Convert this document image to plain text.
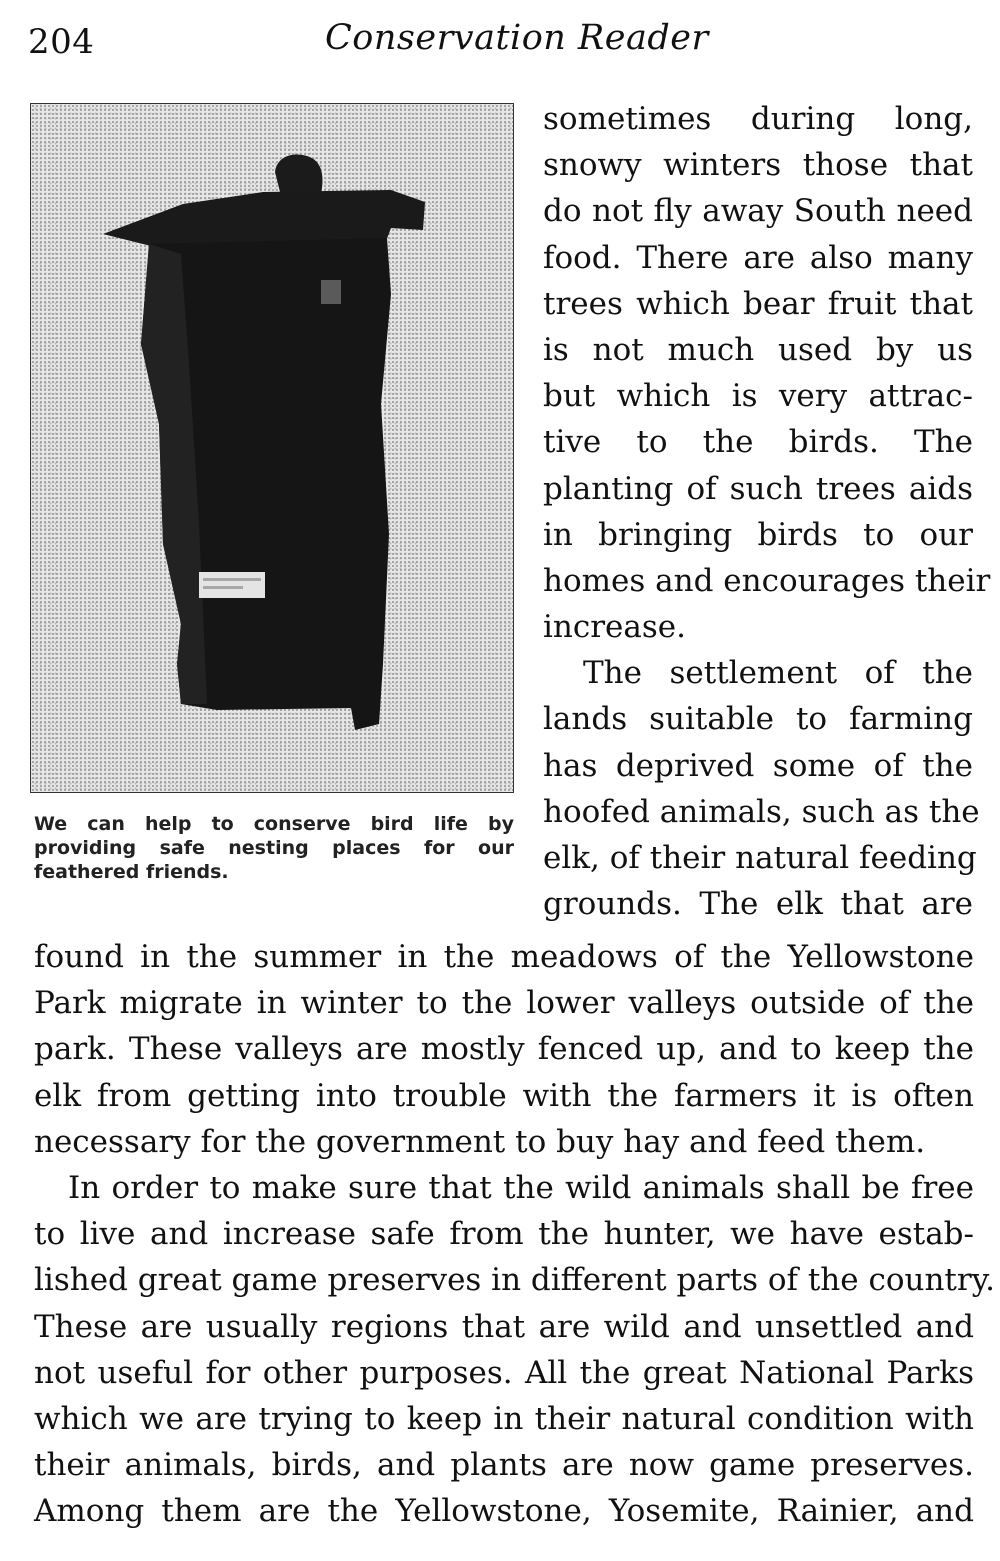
204	Conservation Reader
We can help to conserve bird life by providing safe nesting places for our feathered friends.
sometimes during long,
snowy winters those that
do not fly away South need
food. There are also many
trees which bear fruit that
is not much used by us
but which is very attrac-
tive to the birds. The
planting of such trees aids
in bringing birds to our
homes and encourages their
increase.
The settlement of the
lands suitable to farming
has deprived some of the
hoofed animals, such as the
elk, of their natural feeding
grounds. The elk that are
found in the summer in the meadows of the Yellowstone
Park migrate in winter to the lower valleys outside of the
park. These valleys are mostly fenced up, and to keep the
elk from getting into trouble with the farmers it is often
necessary for the government to buy hay and feed them.
In order to make sure that the wild animals shall be free
to live and increase safe from the hunter, we have estab-
lished great game preserves in different parts of the country.
These are usually regions that are wild and unsettled and
not useful for other purposes. All the great National Parks
which we are trying to keep in their natural condition with
their animals, birds, and plants are now game preserves.
Among them are the Yellowstone, Yosemite, Rainier, and
